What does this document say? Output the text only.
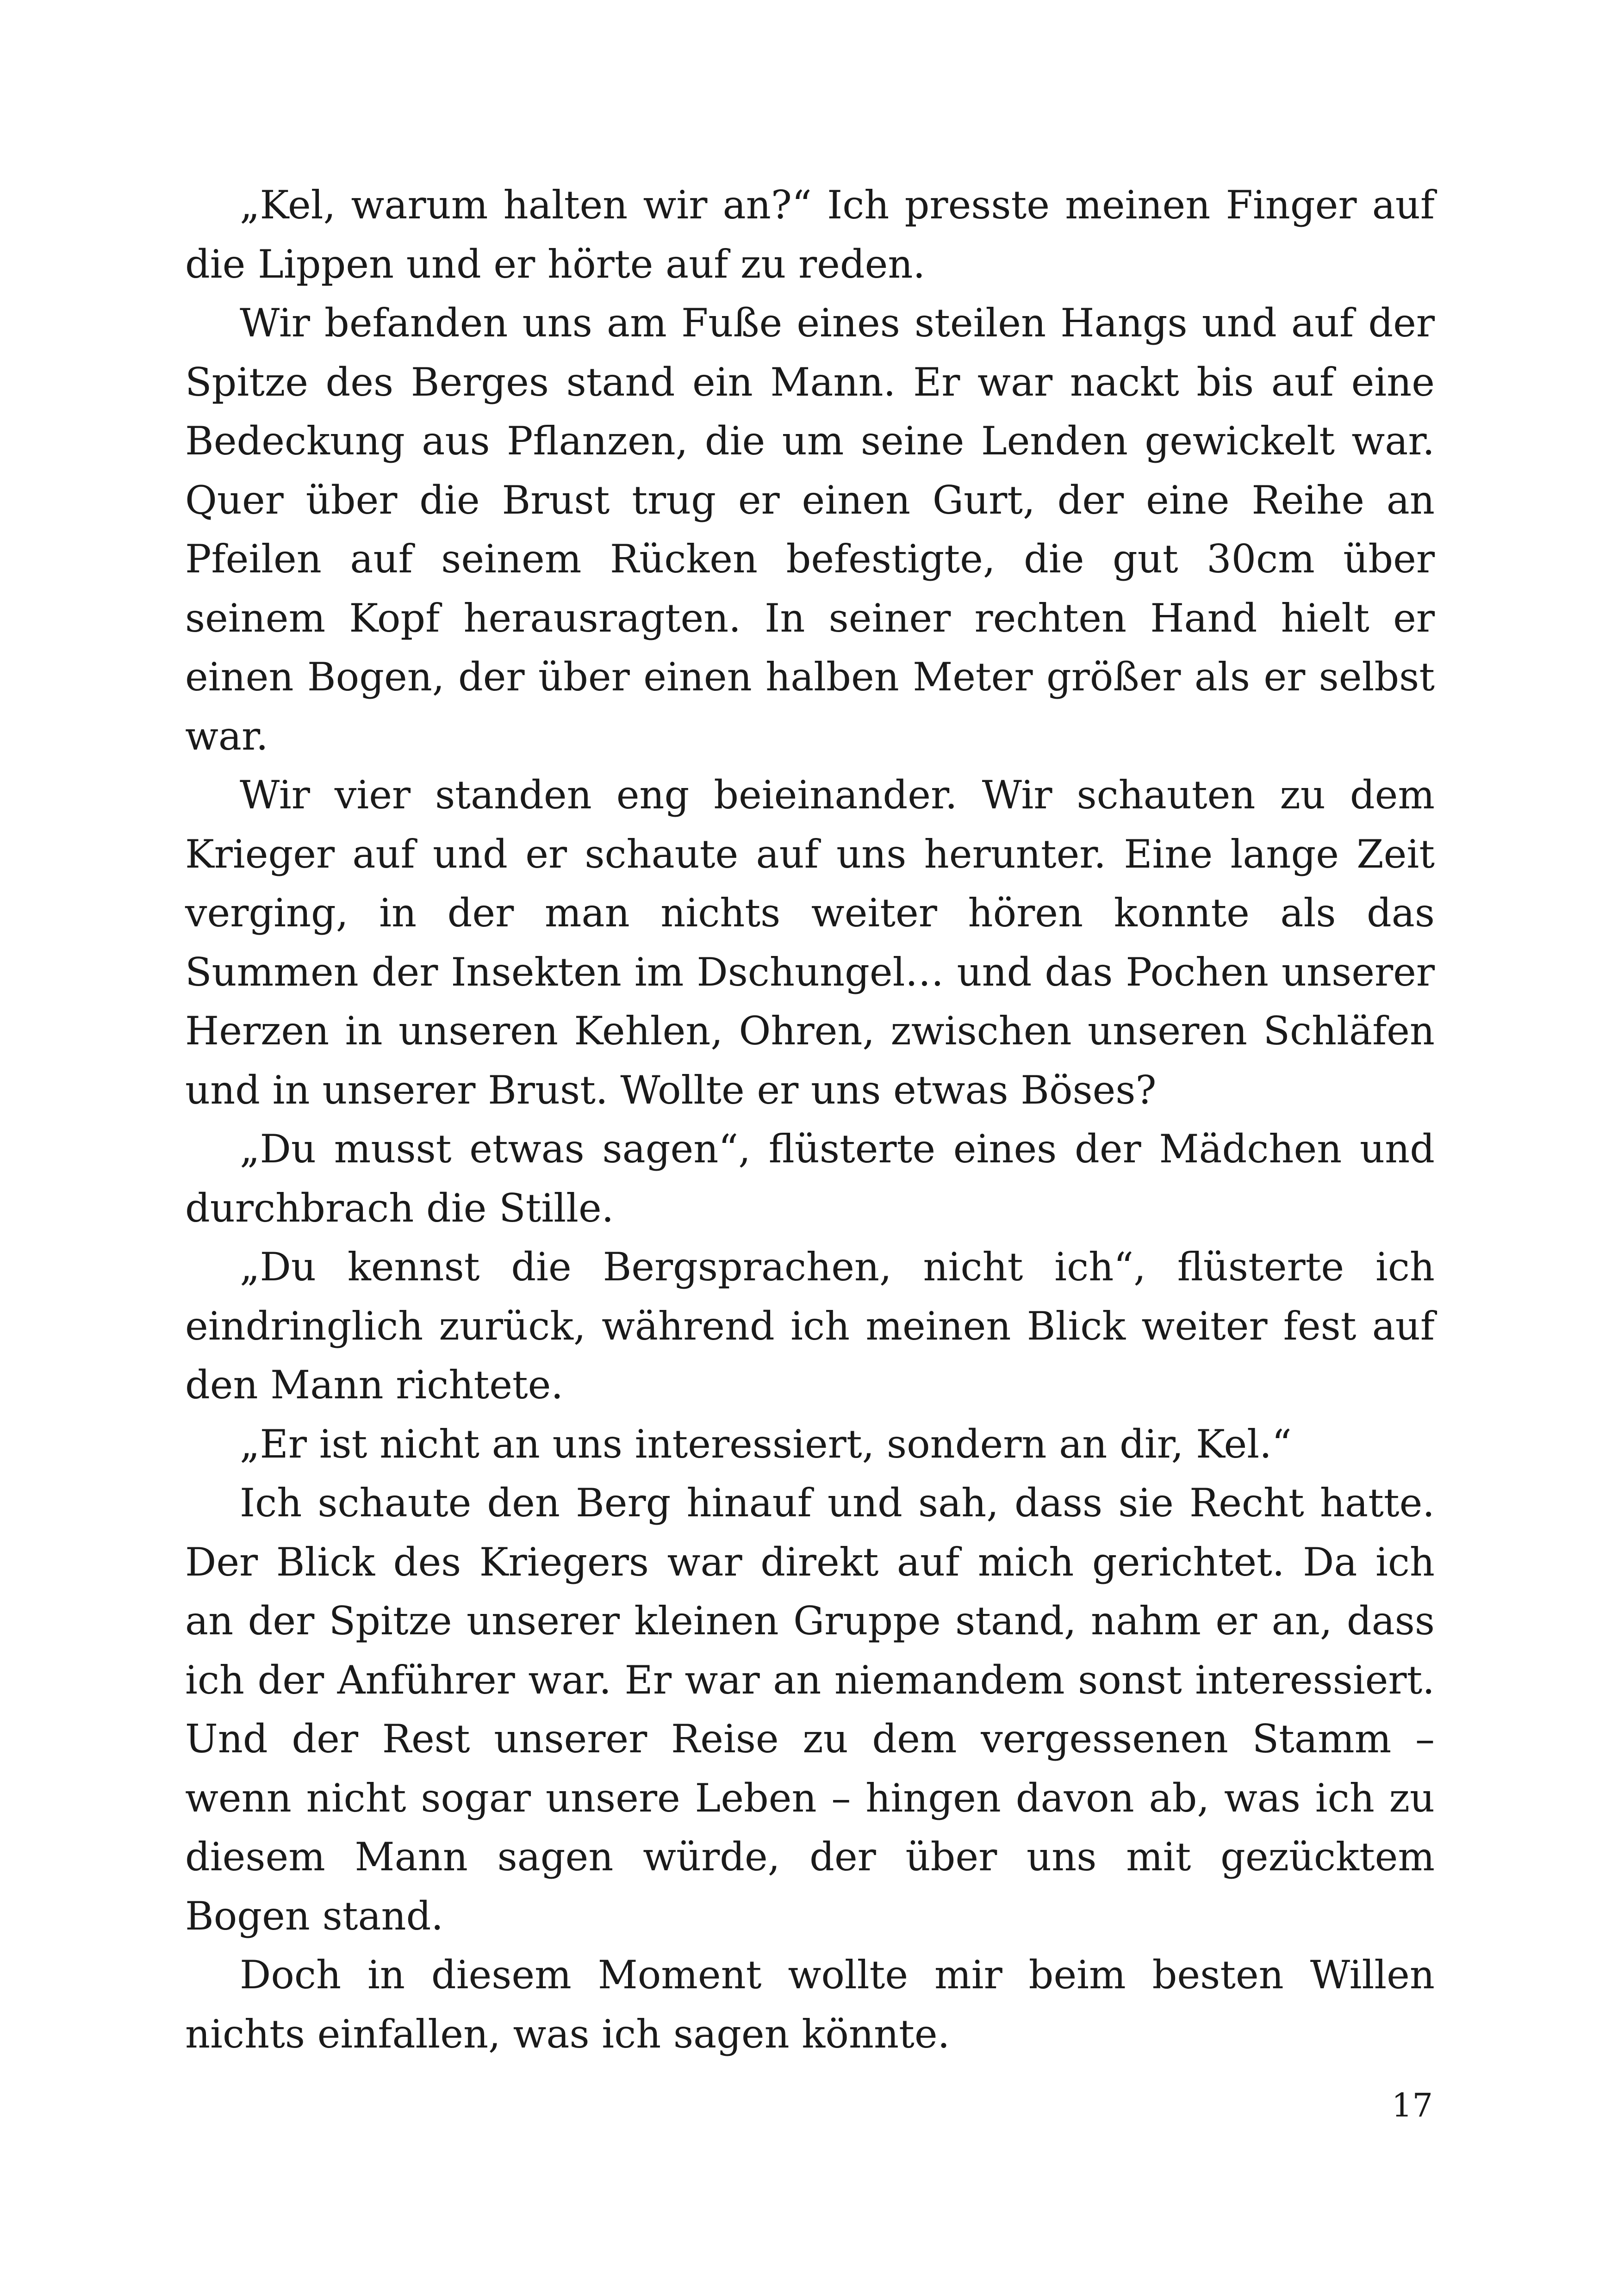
„Kel, warum halten wir an?“ Ich presste meinen Finger auf die Lippen und er hörte auf zu reden.

Wir befanden uns am Fuße eines steilen Hangs und auf der Spitze des Berges stand ein Mann. Er war nackt bis auf eine Bedeckung aus Pflanzen, die um seine Lenden gewickelt war. Quer über die Brust trug er einen Gurt, der eine Reihe an Pfeilen auf seinem Rücken befestigte, die gut 30cm über seinem Kopf herausragten. In seiner rechten Hand hielt er einen Bogen, der über einen halben Meter größer als er selbst war.

Wir vier standen eng beieinander. Wir schauten zu dem Krieger auf und er schaute auf uns herunter. Eine lange Zeit verging, in der man nichts weiter hören konnte als das Summen der Insekten im Dschungel… und das Pochen unserer Herzen in unseren Kehlen, Ohren, zwischen unseren Schläfen und in unserer Brust. Wollte er uns etwas Böses?

„Du musst etwas sagen“, flüsterte eines der Mädchen und durchbrach die Stille.

„Du kennst die Bergsprachen, nicht ich“, flüsterte ich eindringlich zurück, während ich meinen Blick weiter fest auf den Mann richtete.

„Er ist nicht an uns interessiert, sondern an dir, Kel.“

Ich schaute den Berg hinauf und sah, dass sie Recht hatte. Der Blick des Kriegers war direkt auf mich gerichtet. Da ich an der Spitze unserer kleinen Gruppe stand, nahm er an, dass ich der Anführer war. Er war an niemandem sonst interessiert. Und der Rest unserer Reise zu dem vergessenen Stamm – wenn nicht sogar unsere Leben – hingen davon ab, was ich zu diesem Mann sagen würde, der über uns mit gezücktem Bogen stand.

Doch in diesem Moment wollte mir beim besten Willen nichts einfallen, was ich sagen könnte.

17
